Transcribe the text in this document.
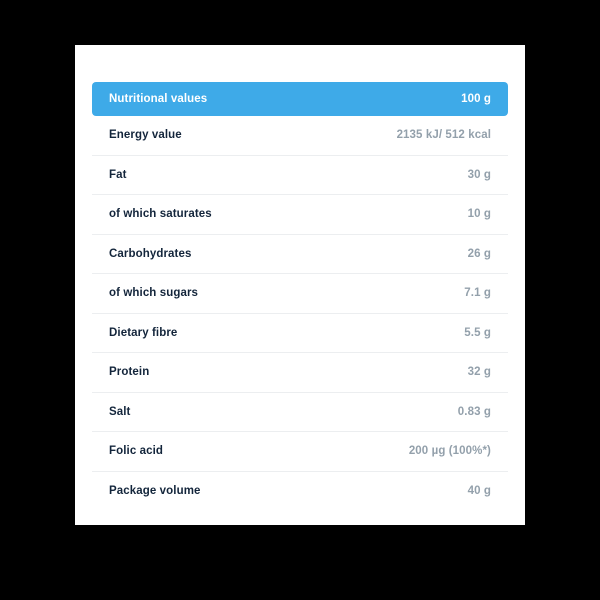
Nutritional values	100 g
Energy value	2135 kJ/ 512 kcal
Fat	30 g
of which saturates	10 g
Carbohydrates	26 g
of which sugars	7.1 g
Dietary fibre	5.5 g
Protein	32 g
Salt	0.83 g
Folic acid	200 µg (100%*)
Package volume	40 g
